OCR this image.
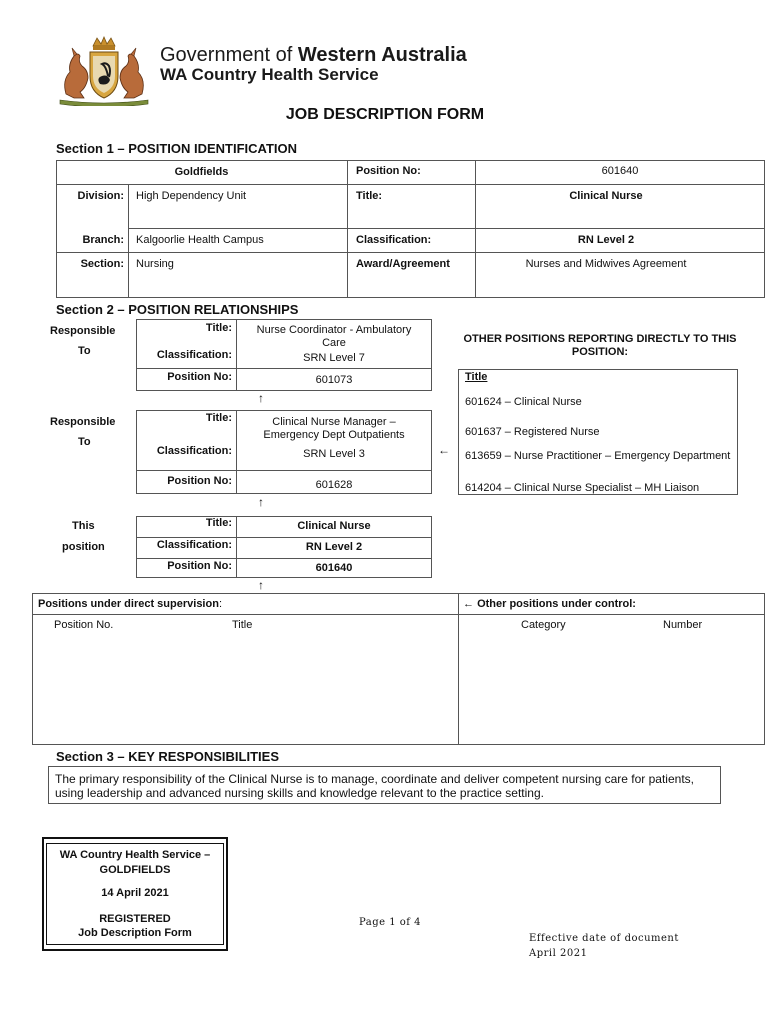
Government of Western Australia
WA Country Health Service
JOB DESCRIPTION FORM
Section 1 – POSITION IDENTIFICATION
Goldfields	Position No:	601640
Division: High Dependency Unit	Title:	Clinical Nurse
Branch: Kalgoorlie Health Campus	Classification:	RN Level 2
Section: Nursing	Award/Agreement	Nurses and Midwives Agreement
Section 2 – POSITION RELATIONSHIPS
Responsible
To
Title:	Nurse Coordinator - Ambulatory Care
Classification:	SRN Level 7
Position No:	601073
↑
Responsible
To
Title:	Clinical Nurse Manager – Emergency Dept Outpatients
Classification:	SRN Level 3
Position No:	601628
←
↑
This
position
Title:	Clinical Nurse
Classification:	RN Level 2
Position No:	601640
↑
OTHER POSITIONS REPORTING DIRECTLY TO THIS POSITION:
Title
601624 – Clinical Nurse
601637 – Registered Nurse
613659 – Nurse Practitioner – Emergency Department
614204 – Clinical Nurse Specialist – MH Liaison
Positions under direct supervision:
Position No.	Title
← Other positions under control:
Category	Number
Section 3 – KEY RESPONSIBILITIES
The primary responsibility of the Clinical Nurse is to manage, coordinate and deliver competent nursing care for patients, using leadership and advanced nursing skills and knowledge relevant to the practice setting.
WA Country Health Service –
GOLDFIELDS
14 April 2021
REGISTERED
Job Description Form
Page 1 of 4
Effective date of document
April 2021
